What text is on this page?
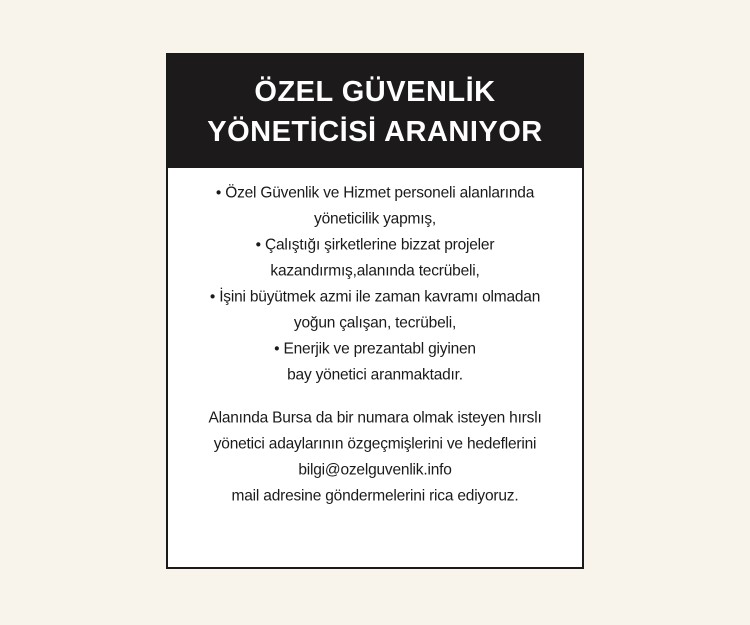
ÖZEL GÜVENLİK
YÖNETİCİSİ ARANIYOR
• Özel Güvenlik ve Hizmet personeli alanlarında
yöneticilik yapmış,
• Çalıştığı şirketlerine bizzat projeler
kazandırmış,alanında tecrübeli,
• İşini büyütmek azmi ile zaman kavramı olmadan
yoğun çalışan, tecrübeli,
• Enerjik ve prezantabl giyinen
bay yönetici aranmaktadır.
Alanında Bursa da bir numara olmak isteyen hırslı
yönetici adaylarının özgeçmişlerini ve hedeflerini
bilgi@ozelguvenlik.info
mail adresine göndermelerini rica ediyoruz.
